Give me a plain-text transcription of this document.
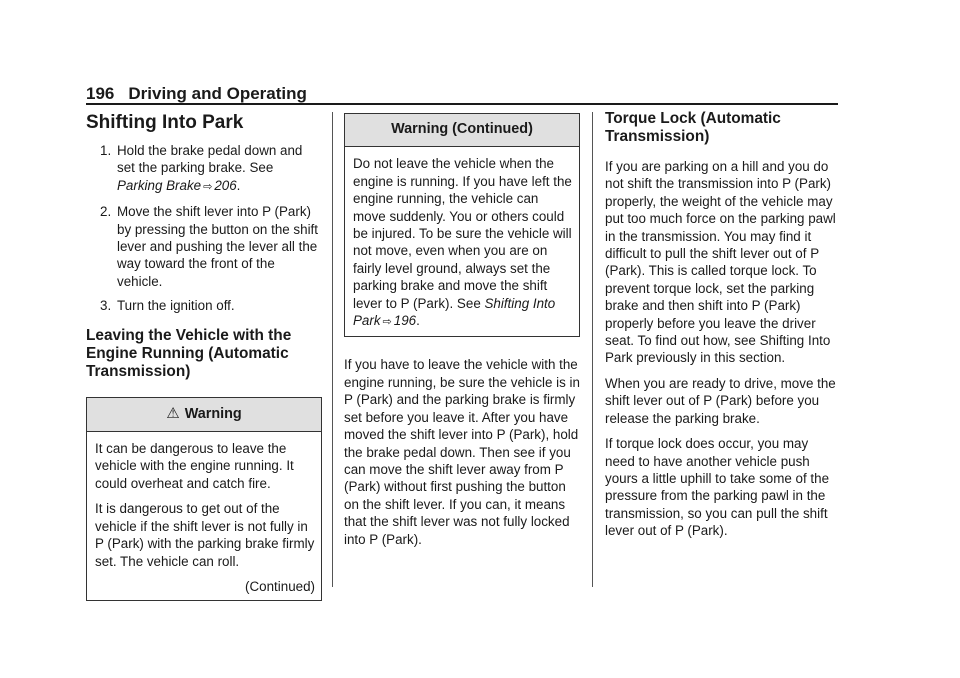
196 Driving and Operating
Shifting Into Park
1. Hold the brake pedal down and set the parking brake. See Parking Brake ⇨ 206.
2. Move the shift lever into P (Park) by pressing the button on the shift lever and pushing the lever all the way toward the front of the vehicle.
3. Turn the ignition off.
Leaving the Vehicle with the Engine Running (Automatic Transmission)
⚠ Warning

It can be dangerous to leave the vehicle with the engine running. It could overheat and catch fire.

It is dangerous to get out of the vehicle if the shift lever is not fully in P (Park) with the parking brake firmly set. The vehicle can roll.

(Continued)
Warning (Continued)

Do not leave the vehicle when the engine is running. If you have left the engine running, the vehicle can move suddenly. You or others could be injured. To be sure the vehicle will not move, even when you are on fairly level ground, always set the parking brake and move the shift lever to P (Park). See Shifting Into Park ⇨ 196.

If you have to leave the vehicle with the engine running, be sure the vehicle is in P (Park) and the parking brake is firmly set before you leave it. After you have moved the shift lever into P (Park), hold the brake pedal down. Then see if you can move the shift lever away from P (Park) without first pushing the button on the shift lever. If you can, it means that the shift lever was not fully locked into P (Park).

Torque Lock (Automatic Transmission)

If you are parking on a hill and you do not shift the transmission into P (Park) properly, the weight of the vehicle may put too much force on the parking pawl in the transmission. You may find it difficult to pull the shift lever out of P (Park). This is called torque lock. To prevent torque lock, set the parking brake and then shift into P (Park) properly before you leave the driver seat. To find out how, see Shifting Into Park previously in this section.

When you are ready to drive, move the shift lever out of P (Park) before you release the parking brake.

If torque lock does occur, you may need to have another vehicle push yours a little uphill to take some of the pressure from the parking pawl in the transmission, so you can pull the shift lever out of P (Park).
